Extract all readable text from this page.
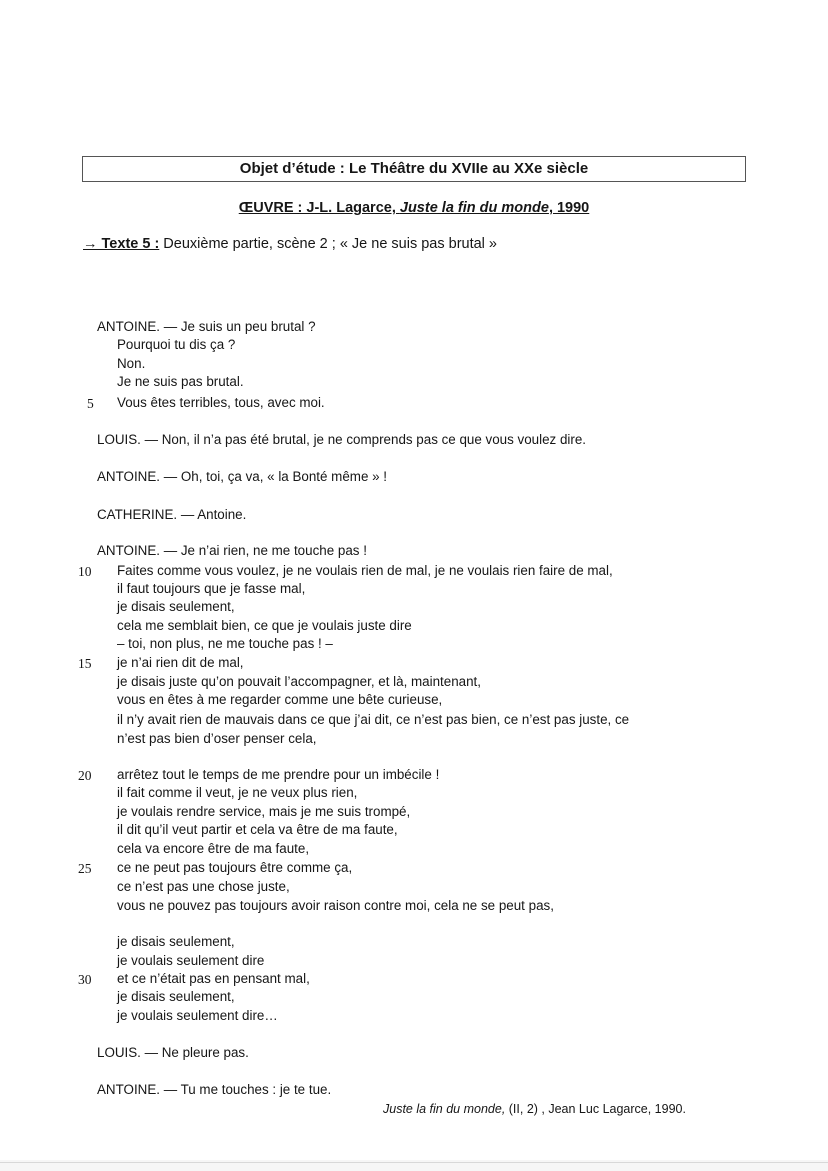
Objet d’étude : Le Théâtre du XVIIe au XXe siècle
ŒUVRE : J-L. Lagarce, Juste la fin du monde, 1990
→ Texte 5 : Deuxième partie, scène 2 ; « Je ne suis pas brutal »
ANTOINE. — Je suis un peu brutal ?
Pourquoi tu dis ça ?
Non.
Je ne suis pas brutal.
Vous êtes terribles, tous, avec moi.
LOUIS. — Non, il n’a pas été brutal, je ne comprends pas ce que vous voulez dire.
ANTOINE. — Oh, toi, ça va, « la Bonté même » !
CATHERINE. — Antoine.
ANTOINE. — Je n’ai rien, ne me touche pas !
Faites comme vous voulez, je ne voulais rien de mal, je ne voulais rien faire de mal,
il faut toujours que je fasse mal,
je disais seulement,
cela me semblait bien, ce que je voulais juste dire
– toi, non plus, ne me touche pas ! –
je n’ai rien dit de mal,
je disais juste qu’on pouvait l’accompagner, et là, maintenant,
vous en êtes à me regarder comme une bête curieuse,
il n’y avait rien de mauvais dans ce que j’ai dit, ce n’est pas bien, ce n’est pas juste, ce
n’est pas bien d’oser penser cela,
arrêtez tout le temps de me prendre pour un imbécile !
il fait comme il veut, je ne veux plus rien,
je voulais rendre service, mais je me suis trompé,
il dit qu’il veut partir et cela va être de ma faute,
cela va encore être de ma faute,
ce ne peut pas toujours être comme ça,
ce n’est pas une chose juste,
vous ne pouvez pas toujours avoir raison contre moi, cela ne se peut pas,
je disais seulement,
je voulais seulement dire
et ce n’était pas en pensant mal,
je disais seulement,
je voulais seulement dire…
LOUIS. — Ne pleure pas.
ANTOINE. — Tu me touches : je te tue.
5
10
15
20
25
30
Juste la fin du monde, (II, 2) , Jean Luc Lagarce, 1990.
